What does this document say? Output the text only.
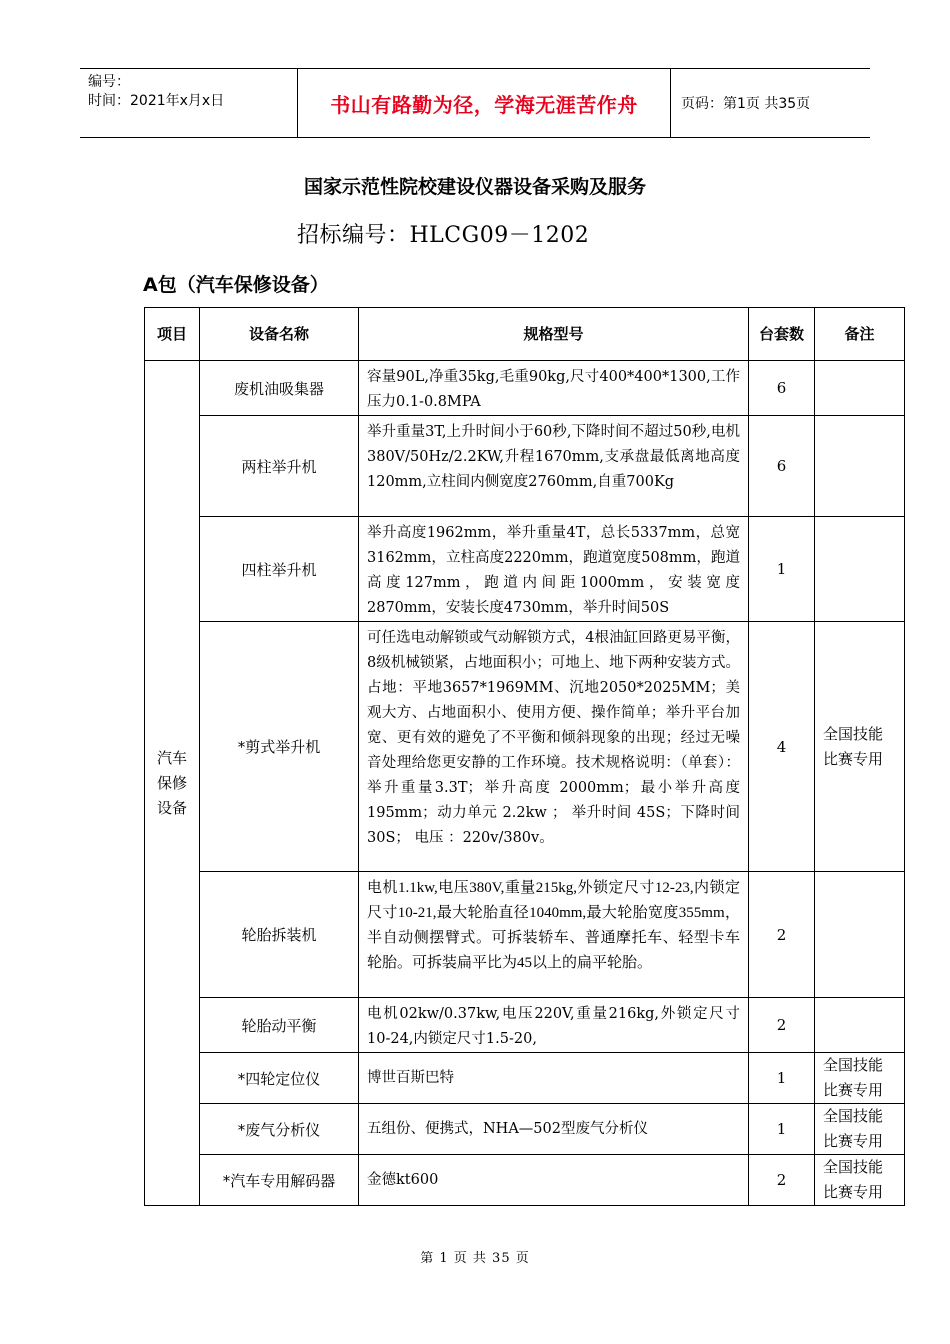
编号：
时间：2021年x月x日	书山有路勤为径，学海无涯苦作舟	页码：第1页 共35页
国家示范性院校建设仪器设备采购及服务
招标编号：HLCG09－1202
A包（汽车保修设备）
项目	设备名称	规格型号	台套数	备注

汽车保修设备	废机油吸集器	容量90L,净重35kg,毛重90kg,尺寸400*400*1300,工作压力0.1-0.8MPA	6	
	两柱举升机	举升重量3T,上升时间小于60秒,下降时间不超过50秒,电机380V/50Hz/2.2KW,升程1670mm,支承盘最低离地高度120mm,立柱间内侧宽度2760mm,自重700Kg	6	
	四柱举升机	举升高度1962mm，举升重量4T，总长5337mm，总宽3162mm，立柱高度2220mm，跑道宽度508mm，跑道高度127mm，跑道内间距1000mm，安装宽度2870mm，安装长度4730mm，举升时间50S	1	
	*剪式举升机	可任选电动解锁或气动解锁方式，4根油缸回路更易平衡，8级机械锁紧，占地面积小；可地上、地下两种安装方式。占地：平地3657*1969MM、沉地2050*2025MM；美观大方、占地面积小、使用方便、操作简单；举升平台加宽、更有效的避免了不平衡和倾斜现象的出现；经过无噪音处理给您更安静的工作环境。技术规格说明：（单套）：举升重量3.3T；举升高度 2000mm；最小举升高度 195mm；动力单元 2.2kw ； 举升时间 45S；下降时间30S； 电压 ：220v/380v。	4	全国技能比赛专用
	轮胎拆装机	电机1.1kw,电压380V,重量215kg,外锁定尺寸12-23,内锁定尺寸10-21,最大轮胎直径1040mm,最大轮胎宽度355mm，半自动侧摆臂式。可拆装轿车、普通摩托车、轻型卡车轮胎。可拆装扁平比为45以上的扁平轮胎。	2	
	轮胎动平衡	电机02kw/0.37kw,电压220V,重量216kg,外锁定尺寸10-24,内锁定尺寸1.5-20,	2	
	*四轮定位仪	博世百斯巴特	1	全国技能比赛专用
	*废气分析仪	五组份、便携式，NHA—502型废气分析仪	1	全国技能比赛专用
	*汽车专用解码器	金德kt600	2	全国技能比赛专用
第 1 页 共 35 页
